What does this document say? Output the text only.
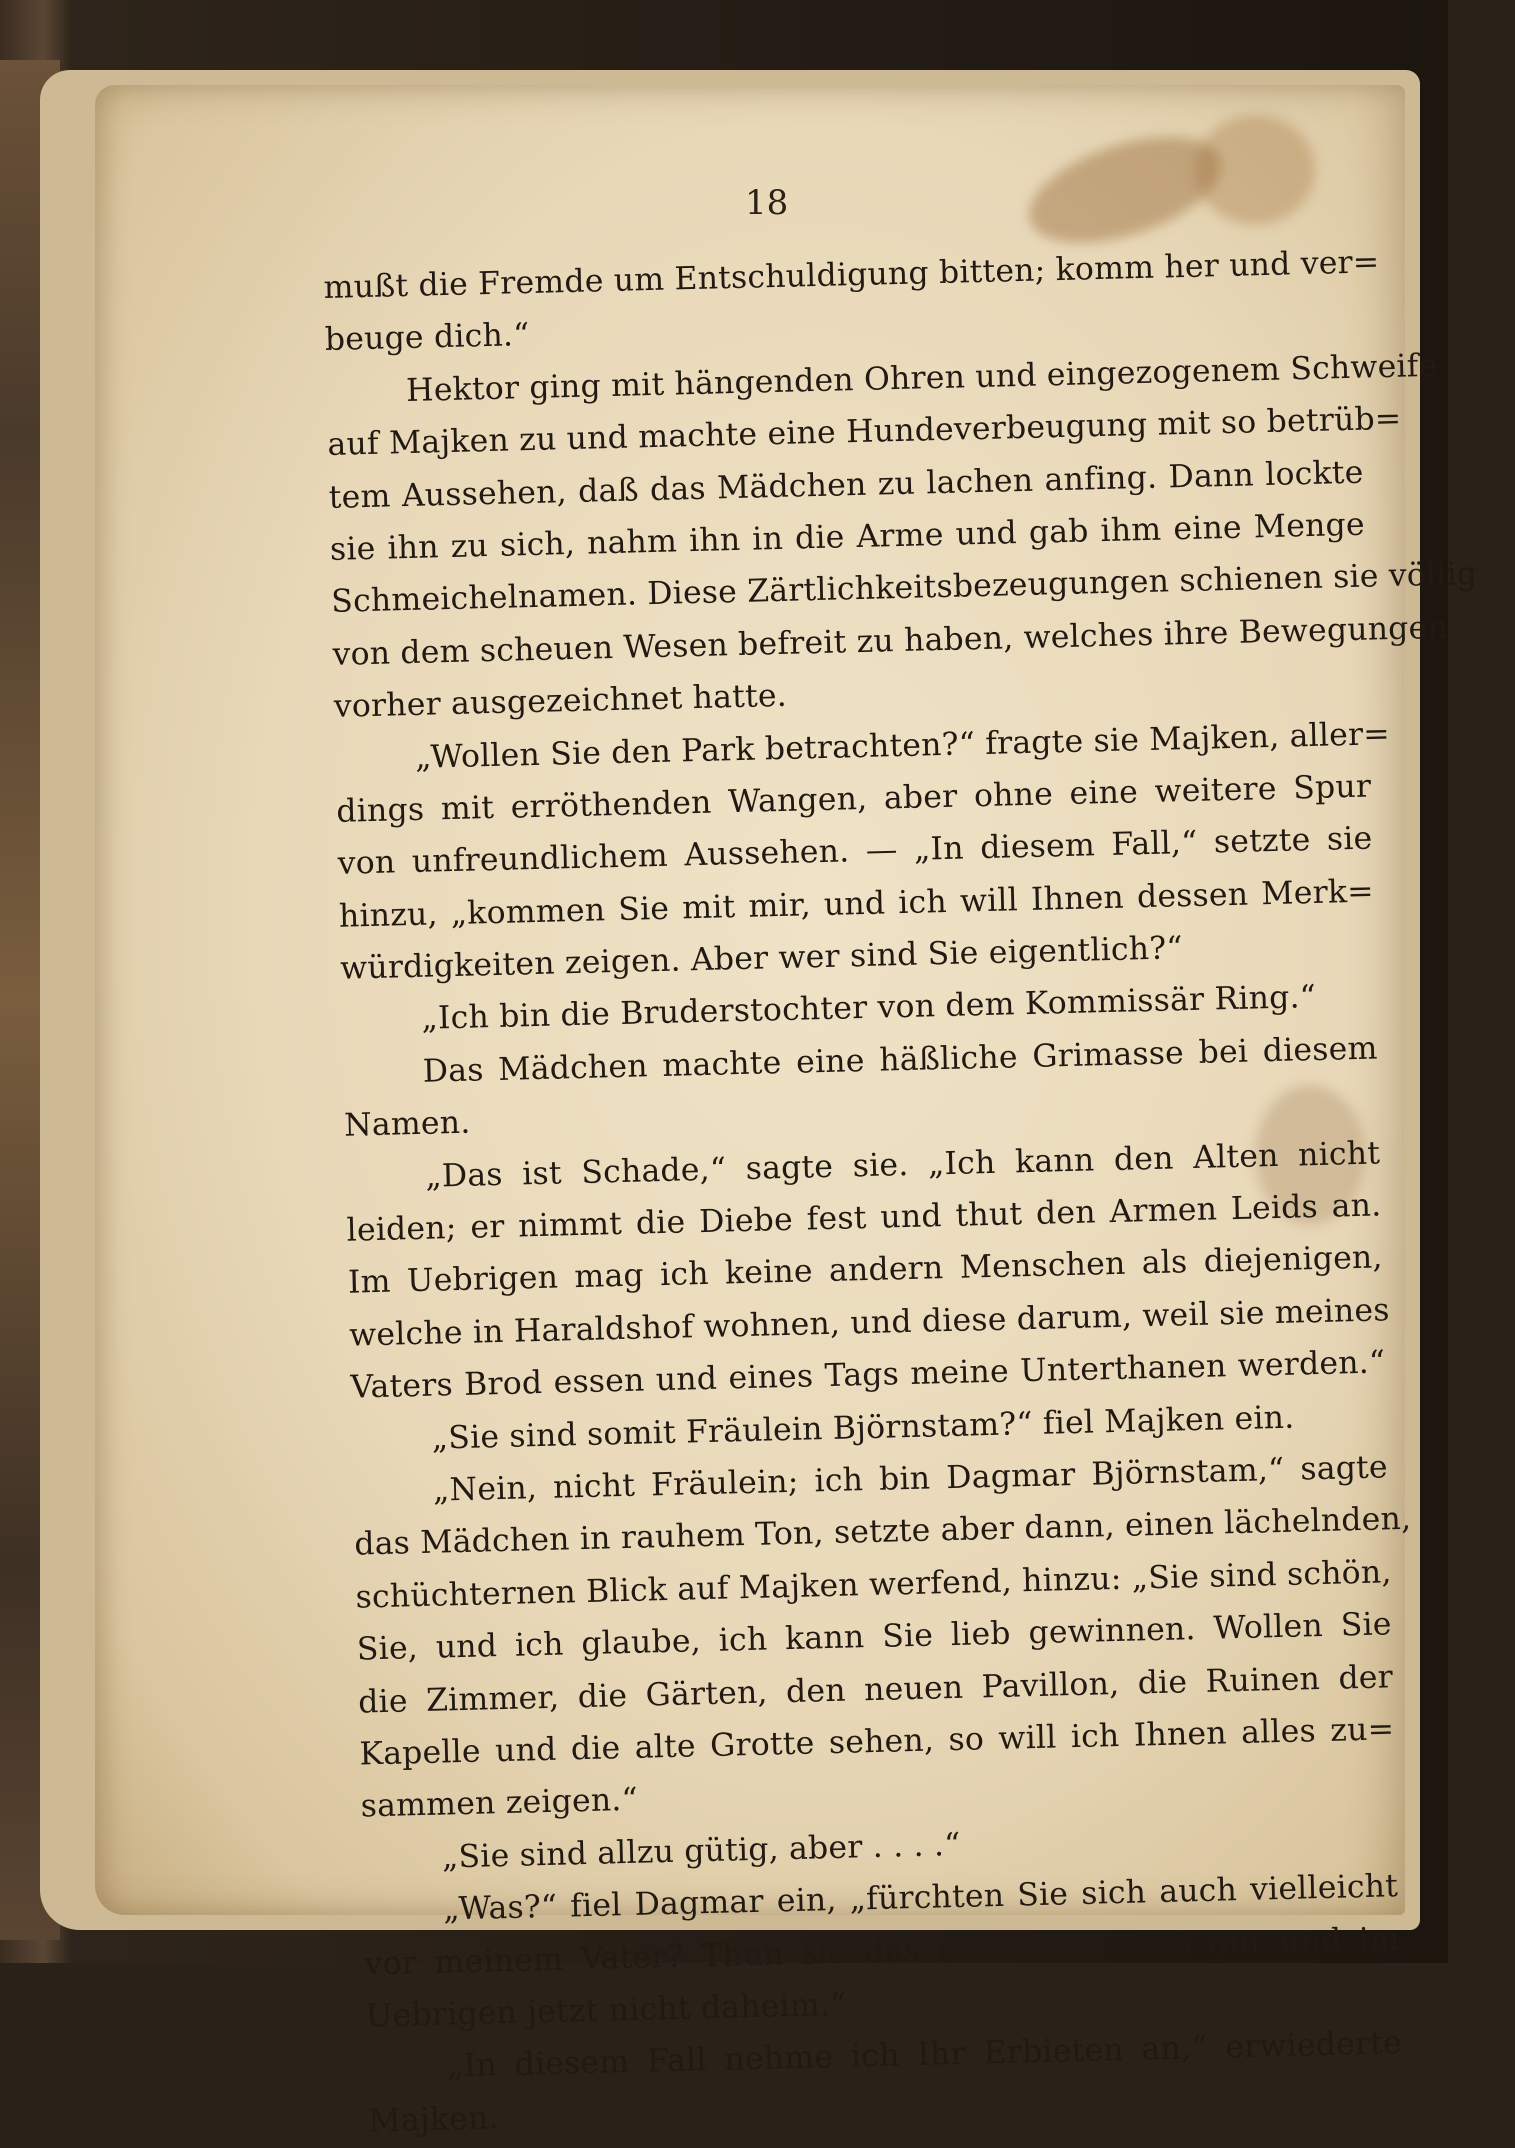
18
mußt die Fremde um Entschuldigung bitten; komm her und ver=
beuge dich.“
Hektor ging mit hängenden Ohren und eingezogenem Schweife
auf Majken zu und machte eine Hundeverbeugung mit so betrüb=
tem Aussehen, daß das Mädchen zu lachen anfing. Dann lockte
sie ihn zu sich, nahm ihn in die Arme und gab ihm eine Menge
Schmeichelnamen. Diese Zärtlichkeitsbezeugungen schienen sie völlig
von dem scheuen Wesen befreit zu haben, welches ihre Bewegungen
vorher ausgezeichnet hatte.
„Wollen Sie den Park betrachten?“ fragte sie Majken, aller=
dings mit erröthenden Wangen, aber ohne eine weitere Spur
von unfreundlichem Aussehen. — „In diesem Fall,“ setzte sie
hinzu, „kommen Sie mit mir, und ich will Ihnen dessen Merk=
würdigkeiten zeigen. Aber wer sind Sie eigentlich?“
„Ich bin die Bruderstochter von dem Kommissär Ring.“
Das Mädchen machte eine häßliche Grimasse bei diesem
Namen.
„Das ist Schade,“ sagte sie. „Ich kann den Alten nicht
leiden; er nimmt die Diebe fest und thut den Armen Leids an.
Im Uebrigen mag ich keine andern Menschen als diejenigen,
welche in Haraldshof wohnen, und diese darum, weil sie meines
Vaters Brod essen und eines Tags meine Unterthanen werden.“
„Sie sind somit Fräulein Björnstam?“ fiel Majken ein.
„Nein, nicht Fräulein; ich bin Dagmar Björnstam,“ sagte
das Mädchen in rauhem Ton, setzte aber dann, einen lächelnden,
schüchternen Blick auf Majken werfend, hinzu: „Sie sind schön,
Sie, und ich glaube, ich kann Sie lieb gewinnen. Wollen Sie
die Zimmer, die Gärten, den neuen Pavillon, die Ruinen der
Kapelle und die alte Grotte sehen, so will ich Ihnen alles zu=
sammen zeigen.“
„Sie sind allzu gütig, aber . . . .“
„Was?“ fiel Dagmar ein, „fürchten Sie sich auch vielleicht
vor meinem Vater? Thun sie das nicht, er ist so gut und im
Uebrigen jetzt nicht daheim.“
„In diesem Fall nehme ich Ihr Erbieten an,“ erwiederte
Majken.
